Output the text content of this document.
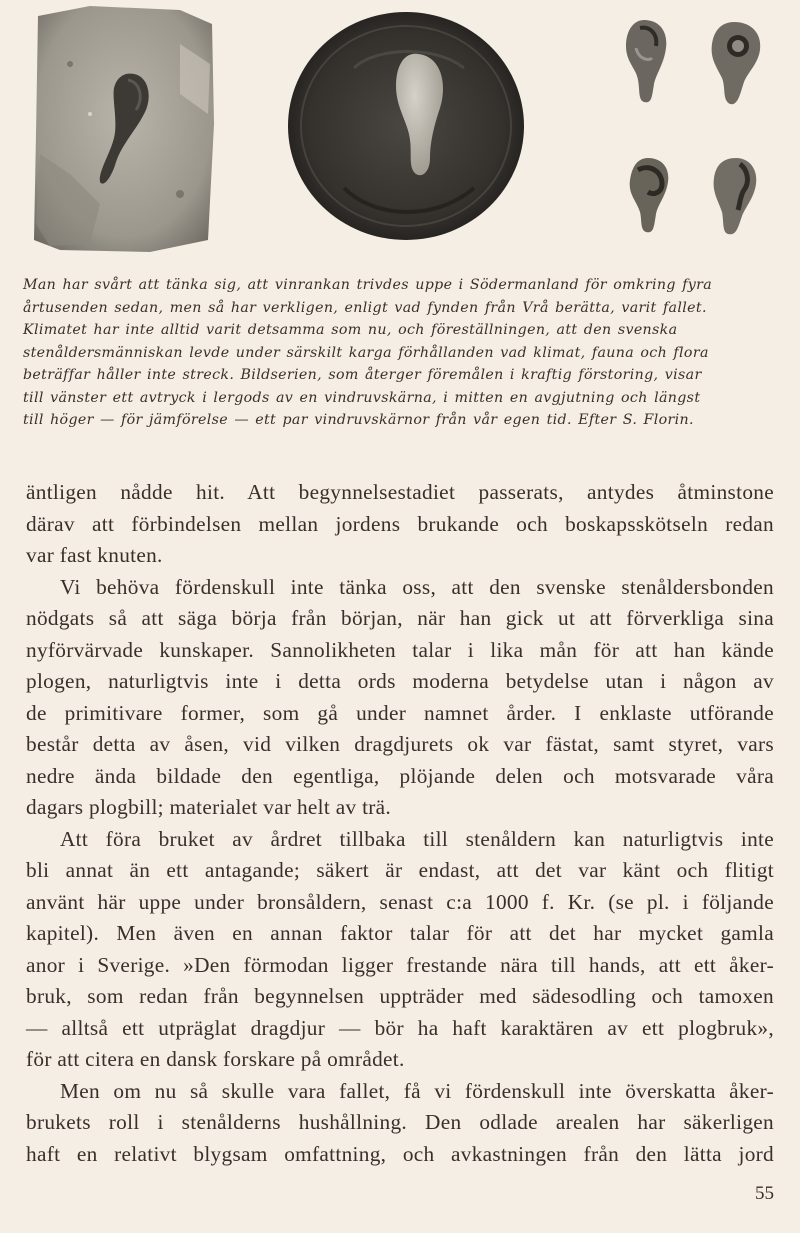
Man har svårt att tänka sig, att vinrankan trivdes uppe i Södermanland för omkring fyra
årtusenden sedan, men så har verkligen, enligt vad fynden från Vrå berätta, varit fallet.
Klimatet har inte alltid varit detsamma som nu, och föreställningen, att den svenska
stenåldersmänniskan levde under särskilt karga förhållanden vad klimat, fauna och flora
beträffar håller inte streck. Bildserien, som återger föremålen i kraftig förstoring, visar
till vänster ett avtryck i lergods av en vindruvskärna, i mitten en avgjutning och längst
till höger — för jämförelse — ett par vindruvskärnor från vår egen tid. Efter S. Florin.

äntligen nådde hit. Att begynnelsestadiet passerats, antydes åtminstone
därav att förbindelsen mellan jordens brukande och boskapsskötseln redan
var fast knuten.

Vi behöva fördenskull inte tänka oss, att den svenske stenåldersbonden
nödgats så att säga börja från början, när han gick ut att förverkliga sina
nyförvärvade kunskaper. Sannolikheten talar i lika mån för att han kände
plogen, naturligtvis inte i detta ords moderna betydelse utan i någon av
de primitivare former, som gå under namnet årder. I enklaste utförande
består detta av åsen, vid vilken dragdjurets ok var fästat, samt styret, vars
nedre ända bildade den egentliga, plöjande delen och motsvarade våra
dagars plogbill; materialet var helt av trä.

Att föra bruket av årdret tillbaka till stenåldern kan naturligtvis inte
bli annat än ett antagande; säkert är endast, att det var känt och flitigt
använt här uppe under bronsåldern, senast c:a 1000 f. Kr. (se pl. i följande
kapitel). Men även en annan faktor talar för att det har mycket gamla
anor i Sverige. »Den förmodan ligger frestande nära till hands, att ett åker-
bruk, som redan från begynnelsen uppträder med sädesodling och tamoxen
— alltså ett utpräglat dragdjur — bör ha haft karaktären av ett plogbruk»,
för att citera en dansk forskare på området.

Men om nu så skulle vara fallet, få vi fördenskull inte överskatta åker-
brukets roll i stenålderns hushållning. Den odlade arealen har säkerligen
haft en relativt blygsam omfattning, och avkastningen från den lätta jord

55
